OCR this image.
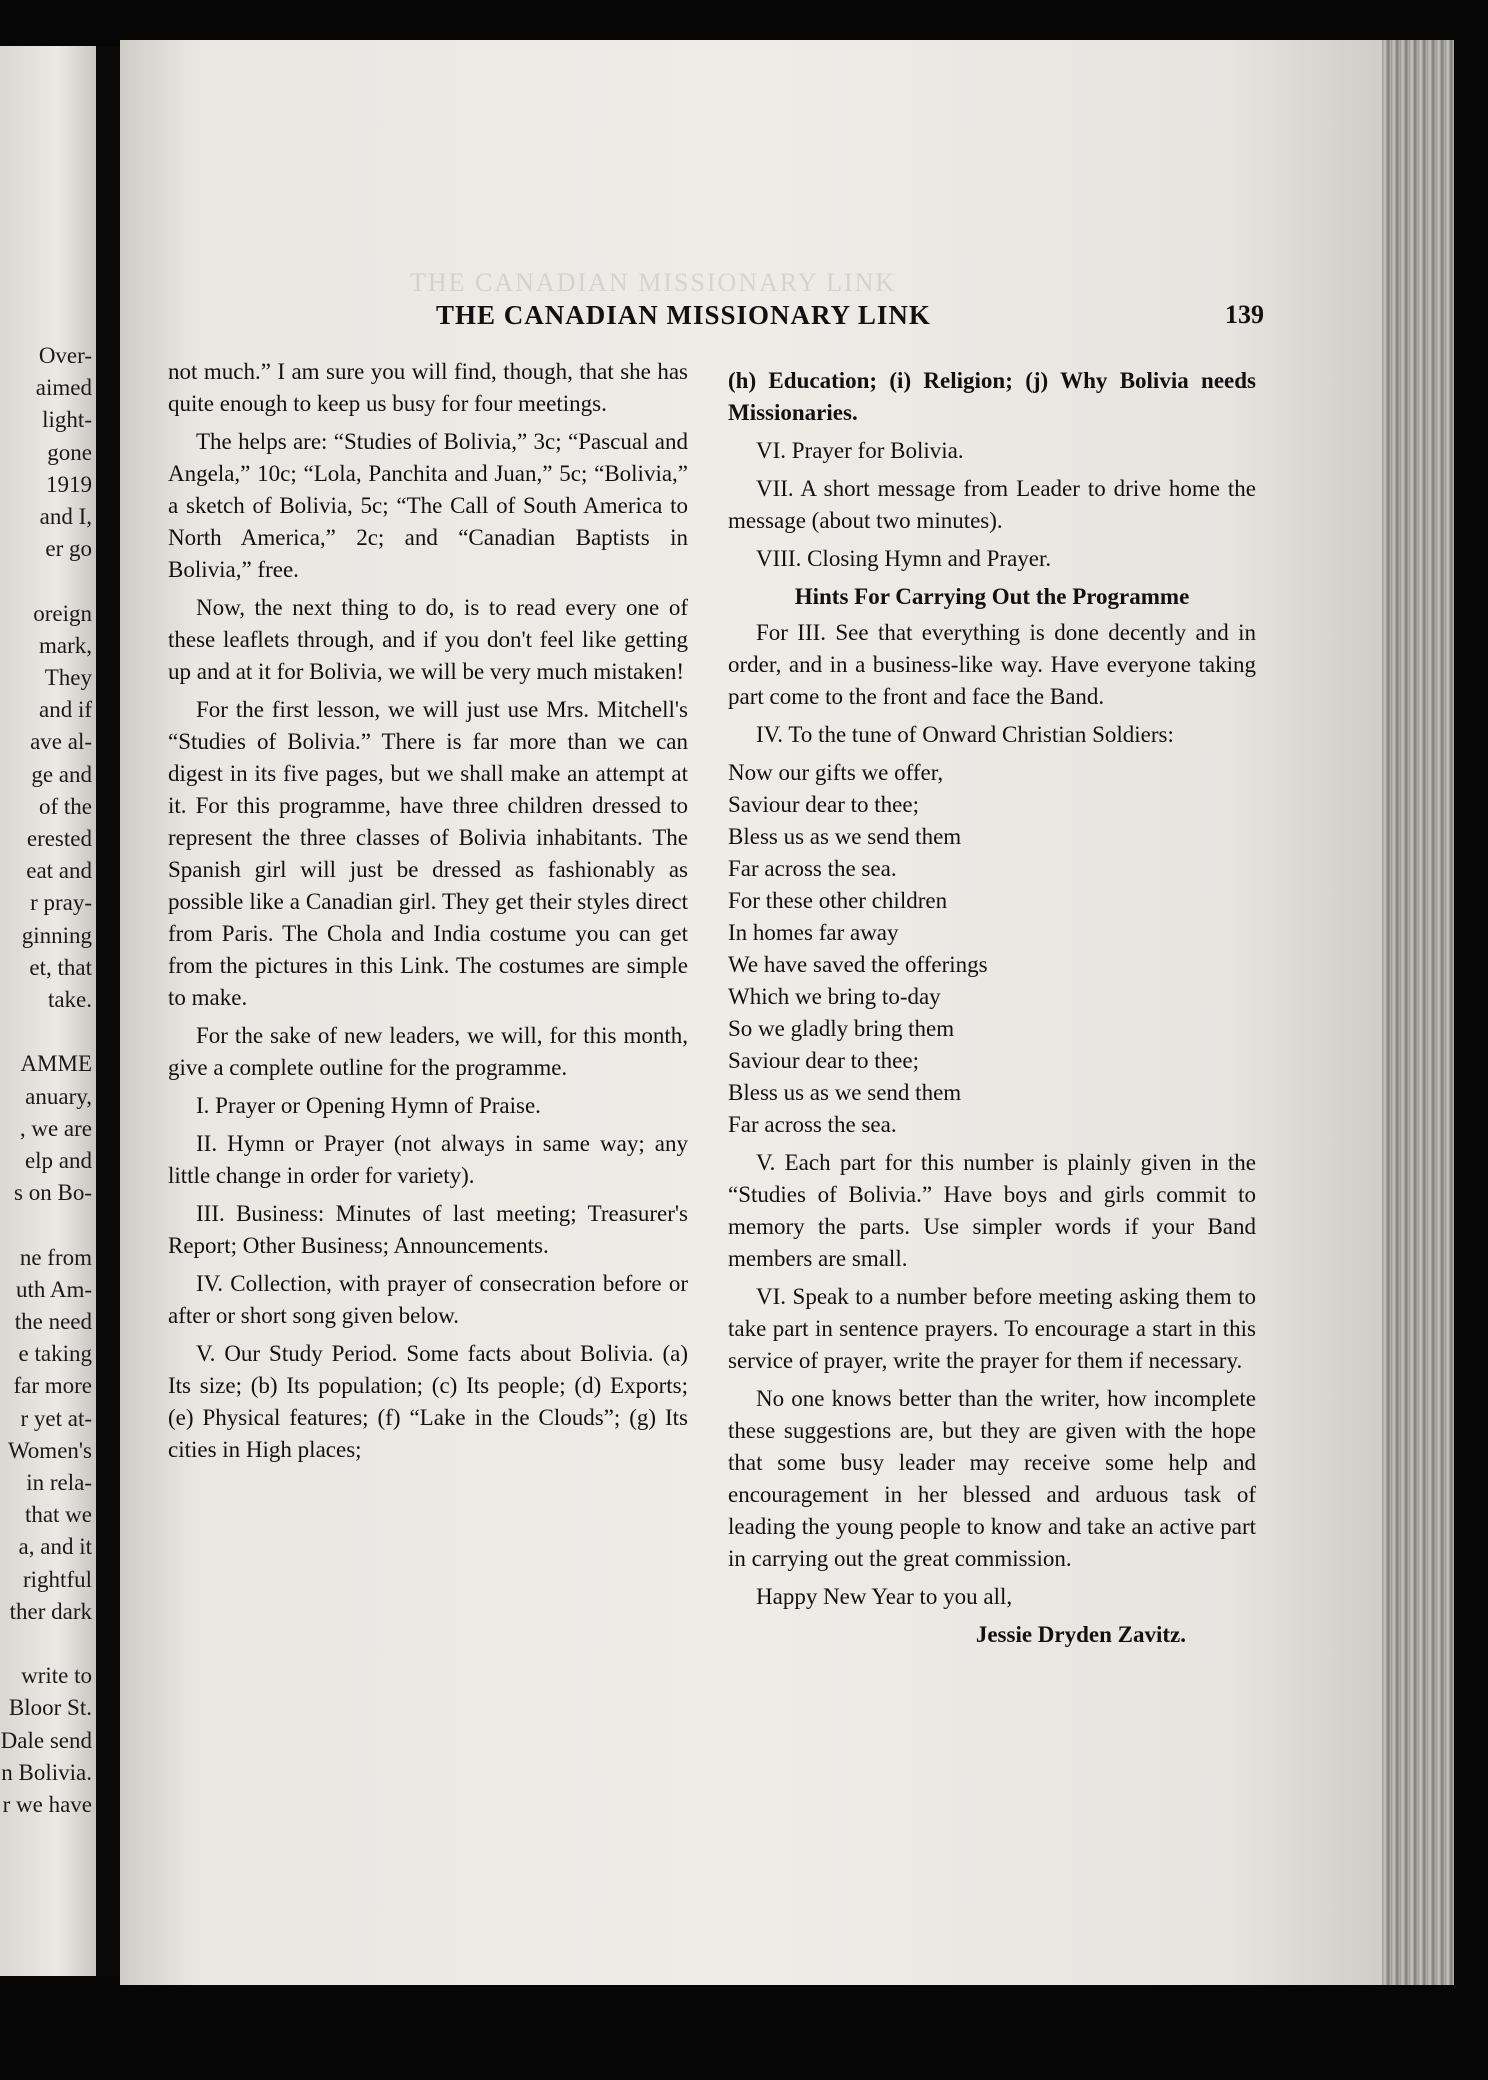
Over-
aimed
light-
gone
1919
and I,
er go
oreign
mark,
They
and if
ave al-
ge and
of the
erested
eat and
r pray-
ginning
et, that
take.
AMME
anuary,
, we are
elp and
s on Bo-
ne from
uth Am-
the need
e taking
far more
r yet at-
Women's
in rela-
that we
a, and it
rightful
ther dark
write to
Bloor St.
Dale send
n Bolivia.
r we have
THE CANADIAN MISSIONARY LINK
THE CANADIAN MISSIONARY LINK	139

not much.” I am sure you will find, though, that she has quite enough to keep us busy for four meetings.

The helps are: “Studies of Bolivia,” 3c; “Pascual and Angela,” 10c; “Lola, Panchita and Juan,” 5c; “Bolivia,” a sketch of Bolivia, 5c; “The Call of South America to North America,” 2c; and “Canadian Baptists in Bolivia,” free.

Now, the next thing to do, is to read every one of these leaflets through, and if you don't feel like getting up and at it for Bolivia, we will be very much mistaken!

For the first lesson, we will just use Mrs. Mitchell's “Studies of Bolivia.” There is far more than we can digest in its five pages, but we shall make an attempt at it. For this programme, have three children dressed to represent the three classes of Bolivia inhabitants. The Spanish girl will just be dressed as fashionably as possible like a Canadian girl. They get their styles direct from Paris. The Chola and India costume you can get from the pictures in this Link. The costumes are simple to make.

For the sake of new leaders, we will, for this month, give a complete outline for the programme.

I. Prayer or Opening Hymn of Praise.

II. Hymn or Prayer (not always in same way; any little change in order for variety).

III. Business: Minutes of last meeting; Treasurer's Report; Other Business; Announcements.

IV. Collection, with prayer of consecration before or after or short song given below.

V. Our Study Period. Some facts about Bolivia. (a) Its size; (b) Its population; (c) Its people; (d) Exports; (e) Physical features; (f) “Lake in the Clouds”; (g) Its cities in High places;

(h) Education; (i) Religion; (j) Why Bolivia needs Missionaries.

VI. Prayer for Bolivia.

VII. A short message from Leader to drive home the message (about two minutes).

VIII. Closing Hymn and Prayer.

Hints For Carrying Out the Programme

For III. See that everything is done decently and in order, and in a business-like way. Have everyone taking part come to the front and face the Band.

IV. To the tune of Onward Christian Soldiers:

Now our gifts we offer,

Saviour dear to thee;

Bless us as we send them

Far across the sea.

For these other children

In homes far away

We have saved the offerings

Which we bring to-day

So we gladly bring them

Saviour dear to thee;

Bless us as we send them

Far across the sea.

V. Each part for this number is plainly given in the “Studies of Bolivia.” Have boys and girls commit to memory the parts. Use simpler words if your Band members are small.

VI. Speak to a number before meeting asking them to take part in sentence prayers. To encourage a start in this service of prayer, write the prayer for them if necessary.

No one knows better than the writer, how incomplete these suggestions are, but they are given with the hope that some busy leader may receive some help and encouragement in her blessed and arduous task of leading the young people to know and take an active part in carrying out the great commission.

Happy New Year to you all,

Jessie Dryden Zavitz.
